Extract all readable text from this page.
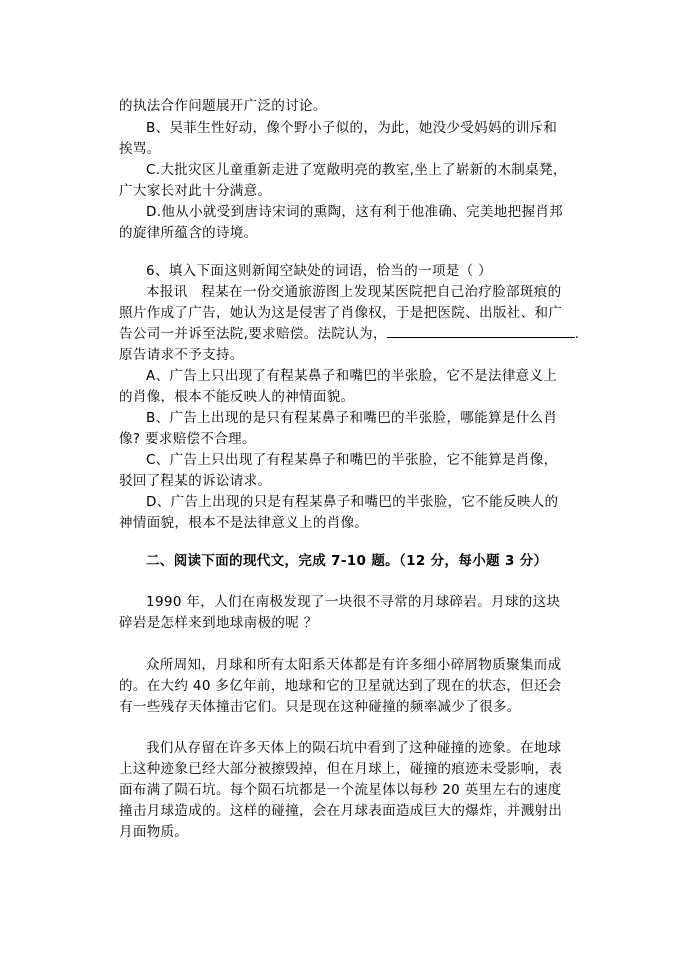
的执法合作问题展开广泛的讨论。
B、吴菲生性好动，像个野小子似的，为此，她没少受妈妈的训斥和
挨骂。
C.大批灾区儿童重新走进了宽敞明亮的教室,坐上了崭新的木制桌凳，
广大家长对此十分满意。
D.他从小就受到唐诗宋词的熏陶，这有利于他准确、完美地把握肖邦
的旋律所蕴含的诗境。
6、填入下面这则新闻空缺处的词语，恰当的一项是（ ）
本报讯　程某在一份交通旅游图上发现某医院把自己治疗脸部斑痕的
照片作成了广告，她认为这是侵害了肖像权，于是把医院、出版社、和广
告公司一并诉至法院,要求赔偿。法院认为，	.
原告请求不予支持。
A、广告上只出现了有程某鼻子和嘴巴的半张脸，它不是法律意义上
的肖像，根本不能反映人的神情面貌。
B、广告上出现的是只有程某鼻子和嘴巴的半张脸，哪能算是什么肖
像? 要求赔偿不合理。
C、广告上只出现了有程某鼻子和嘴巴的半张脸，它不能算是肖像，
驳回了程某的诉讼请求。
D、广告上出现的只是有程某鼻子和嘴巴的半张脸，它不能反映人的
神情面貌，根本不是法律意义上的肖像。
二、阅读下面的现代文，完成 7-10 题。（12 分，每小题 3 分）
1990 年，人们在南极发现了一块很不寻常的月球碎岩。月球的这块
碎岩是怎样来到地球南极的呢 ？
众所周知，月球和所有太阳系天体都是有许多细小碎屑物质聚集而成
的。在大约 40 多亿年前，地球和它的卫星就达到了现在的状态，但还会
有一些残存天体撞击它们。只是现在这种碰撞的频率减少了很多。
我们从存留在许多天体上的陨石坑中看到了这种碰撞的迹象。在地球
上这种迹象已经大部分被擦毁掉，但在月球上，碰撞的痕迹未受影响，表
面布满了陨石坑。每个陨石坑都是一个流星体以每秒 20 英里左右的速度
撞击月球造成的。这样的碰撞，会在月球表面造成巨大的爆炸，并溅射出
月面物质。
